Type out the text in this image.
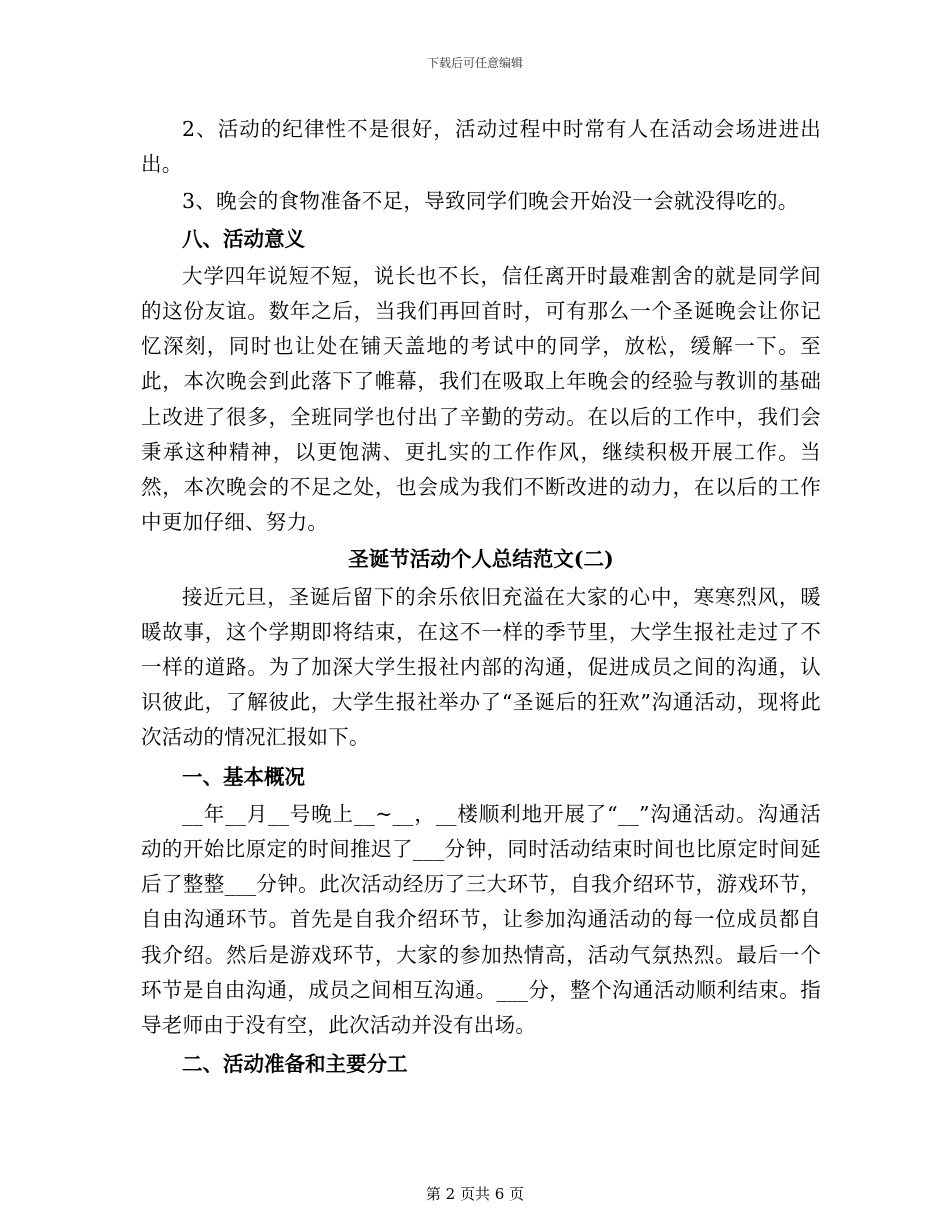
下载后可任意编辑

2、活动的纪律性不是很好，活动过程中时常有人在活动会场进进出出。

3、晚会的食物准备不足，导致同学们晚会开始没一会就没得吃的。

八、活动意义

大学四年说短不短，说长也不长，信任离开时最难割舍的就是同学间的这份友谊。数年之后，当我们再回首时，可有那么一个圣诞晚会让你记忆深刻，同时也让处在铺天盖地的考试中的同学，放松，缓解一下。至此，本次晚会到此落下了帷幕，我们在吸取上年晚会的经验与教训的基础上改进了很多，全班同学也付出了辛勤的劳动。在以后的工作中，我们会秉承这种精神，以更饱满、更扎实的工作作风，继续积极开展工作。当然，本次晚会的不足之处，也会成为我们不断改进的动力，在以后的工作中更加仔细、努力。

圣诞节活动个人总结范文(二)

接近元旦，圣诞后留下的余乐依旧充溢在大家的心中，寒寒烈风，暖暖故事，这个学期即将结束，在这不一样的季节里，大学生报社走过了不一样的道路。为了加深大学生报社内部的沟通，促进成员之间的沟通，认识彼此，了解彼此，大学生报社举办了“圣诞后的狂欢”沟通活动，现将此次活动的情况汇报如下。

一、基本概况

__年__月__号晚上__~__，__楼顺利地开展了“__”沟通活动。沟通活动的开始比原定的时间推迟了___分钟，同时活动结束时间也比原定时间延后了整整___分钟。此次活动经历了三大环节，自我介绍环节，游戏环节，自由沟通环节。首先是自我介绍环节，让参加沟通活动的每一位成员都自我介绍。然后是游戏环节，大家的参加热情高，活动气氛热烈。最后一个环节是自由沟通，成员之间相互沟通。___分，整个沟通活动顺利结束。指导老师由于没有空，此次活动并没有出场。

二、活动准备和主要分工

第 2 页共 6 页
